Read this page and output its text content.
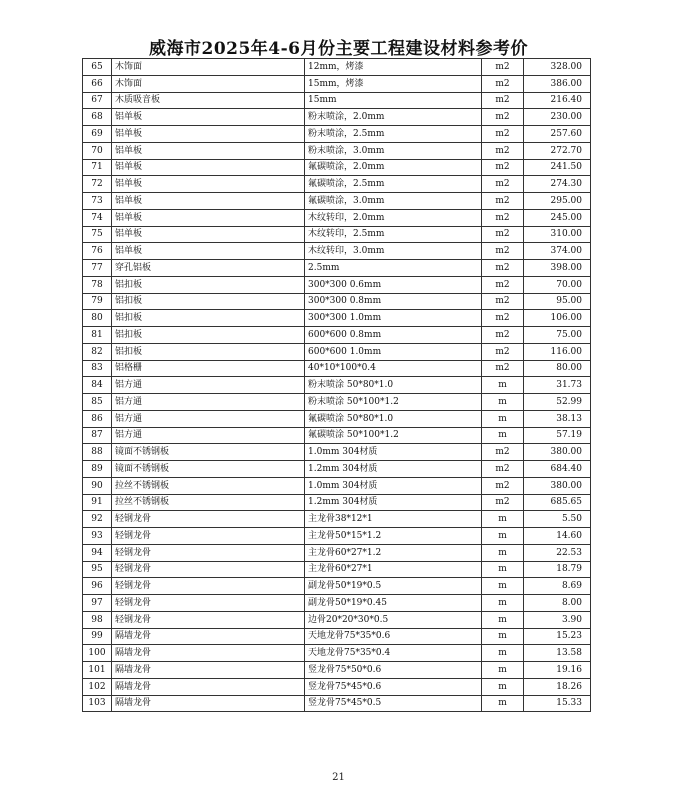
威海市2025年4-6月份主要工程建设材料参考价
65	木饰面	12mm，烤漆	m2	328.00
66	木饰面	15mm，烤漆	m2	386.00
67	木质吸音板	15mm	m2	216.40
68	铝单板	粉末喷涂，2.0mm	m2	230.00
69	铝单板	粉末喷涂，2.5mm	m2	257.60
70	铝单板	粉末喷涂，3.0mm	m2	272.70
71	铝单板	氟碳喷涂，2.0mm	m2	241.50
72	铝单板	氟碳喷涂，2.5mm	m2	274.30
73	铝单板	氟碳喷涂，3.0mm	m2	295.00
74	铝单板	木纹转印，2.0mm	m2	245.00
75	铝单板	木纹转印，2.5mm	m2	310.00
76	铝单板	木纹转印，3.0mm	m2	374.00
77	穿孔铝板	2.5mm	m2	398.00
78	铝扣板	300*300 0.6mm	m2	70.00
79	铝扣板	300*300 0.8mm	m2	95.00
80	铝扣板	300*300 1.0mm	m2	106.00
81	铝扣板	600*600 0.8mm	m2	75.00
82	铝扣板	600*600 1.0mm	m2	116.00
83	铝格栅	40*10*100*0.4	m2	80.00
84	铝方通	粉末喷涂 50*80*1.0	m	31.73
85	铝方通	粉末喷涂 50*100*1.2	m	52.99
86	铝方通	氟碳喷涂 50*80*1.0	m	38.13
87	铝方通	氟碳喷涂 50*100*1.2	m	57.19
88	镜面不锈钢板	1.0mm 304材质	m2	380.00
89	镜面不锈钢板	1.2mm 304材质	m2	684.40
90	拉丝不锈钢板	1.0mm 304材质	m2	380.00
91	拉丝不锈钢板	1.2mm 304材质	m2	685.65
92	轻钢龙骨	主龙骨38*12*1	m	5.50
93	轻钢龙骨	主龙骨50*15*1.2	m	14.60
94	轻钢龙骨	主龙骨60*27*1.2	m	22.53
95	轻钢龙骨	主龙骨60*27*1	m	18.79
96	轻钢龙骨	副龙骨50*19*0.5	m	8.69
97	轻钢龙骨	副龙骨50*19*0.45	m	8.00
98	轻钢龙骨	边骨20*20*30*0.5	m	3.90
99	隔墙龙骨	天地龙骨75*35*0.6	m	15.23
100	隔墙龙骨	天地龙骨75*35*0.4	m	13.58
101	隔墙龙骨	竖龙骨75*50*0.6	m	19.16
102	隔墙龙骨	竖龙骨75*45*0.6	m	18.26
103	隔墙龙骨	竖龙骨75*45*0.5	m	15.33
21
